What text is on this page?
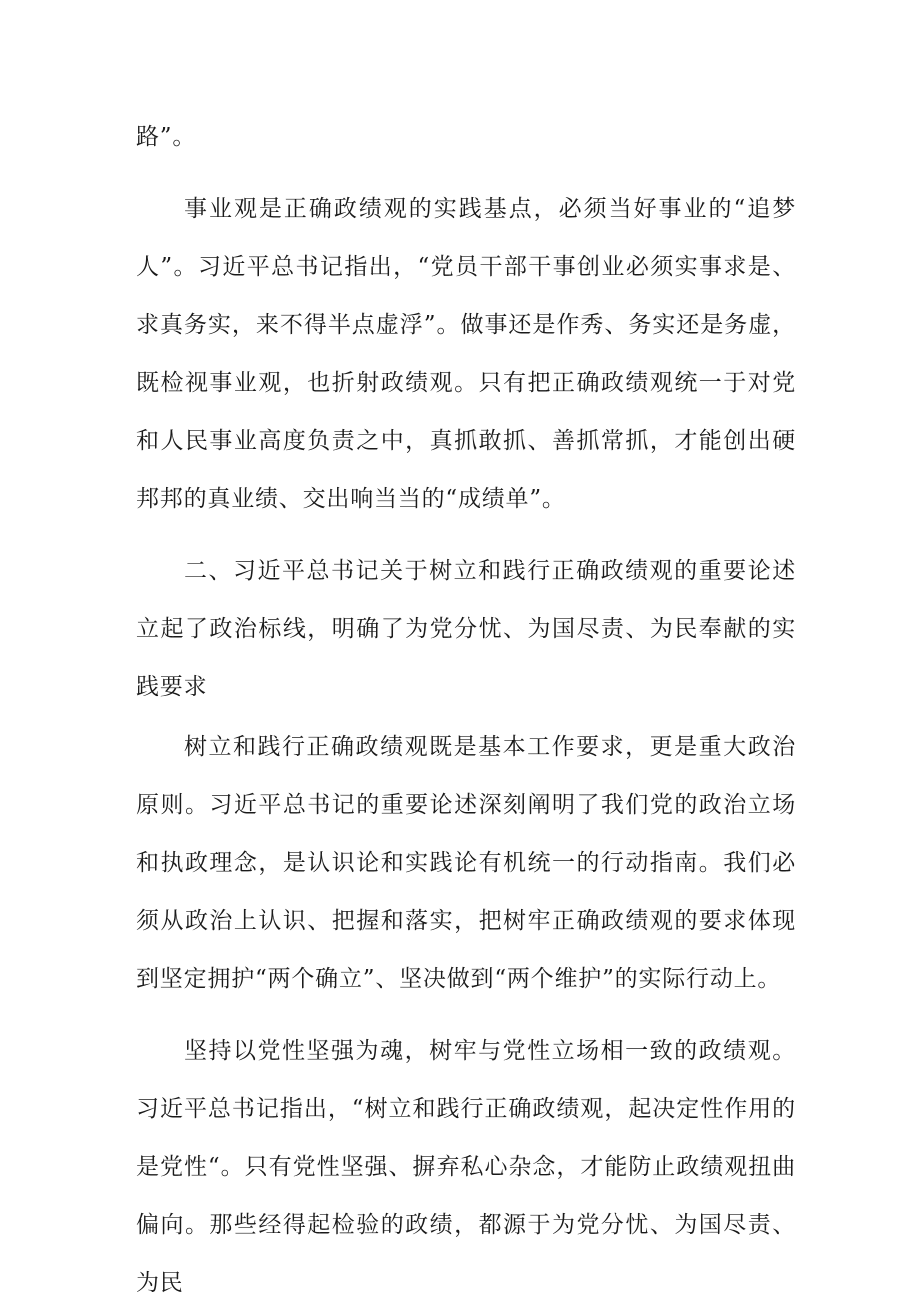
路”。

事业观是正确政绩观的实践基点，必须当好事业的“追梦人”。习近平总书记指出，“党员干部干事创业必须实事求是、求真务实，来不得半点虚浮”。做事还是作秀、务实还是务虚，既检视事业观，也折射政绩观。只有把正确政绩观统一于对党和人民事业高度负责之中，真抓敢抓、善抓常抓，才能创出硬邦邦的真业绩、交出响当当的“成绩单”。

二、习近平总书记关于树立和践行正确政绩观的重要论述立起了政治标线，明确了为党分忧、为国尽责、为民奉献的实践要求

树立和践行正确政绩观既是基本工作要求，更是重大政治原则。习近平总书记的重要论述深刻阐明了我们党的政治立场和执政理念，是认识论和实践论有机统一的行动指南。我们必须从政治上认识、把握和落实，把树牢正确政绩观的要求体现到坚定拥护“两个确立”、坚决做到“两个维护”的实际行动上。

坚持以党性坚强为魂，树牢与党性立场相一致的政绩观。习近平总书记指出，“树立和践行正确政绩观，起决定性作用的是党性“。只有党性坚强、摒弃私心杂念，才能防止政绩观扭曲偏向。那些经得起检验的政绩，都源于为党分忧、为国尽责、为民
